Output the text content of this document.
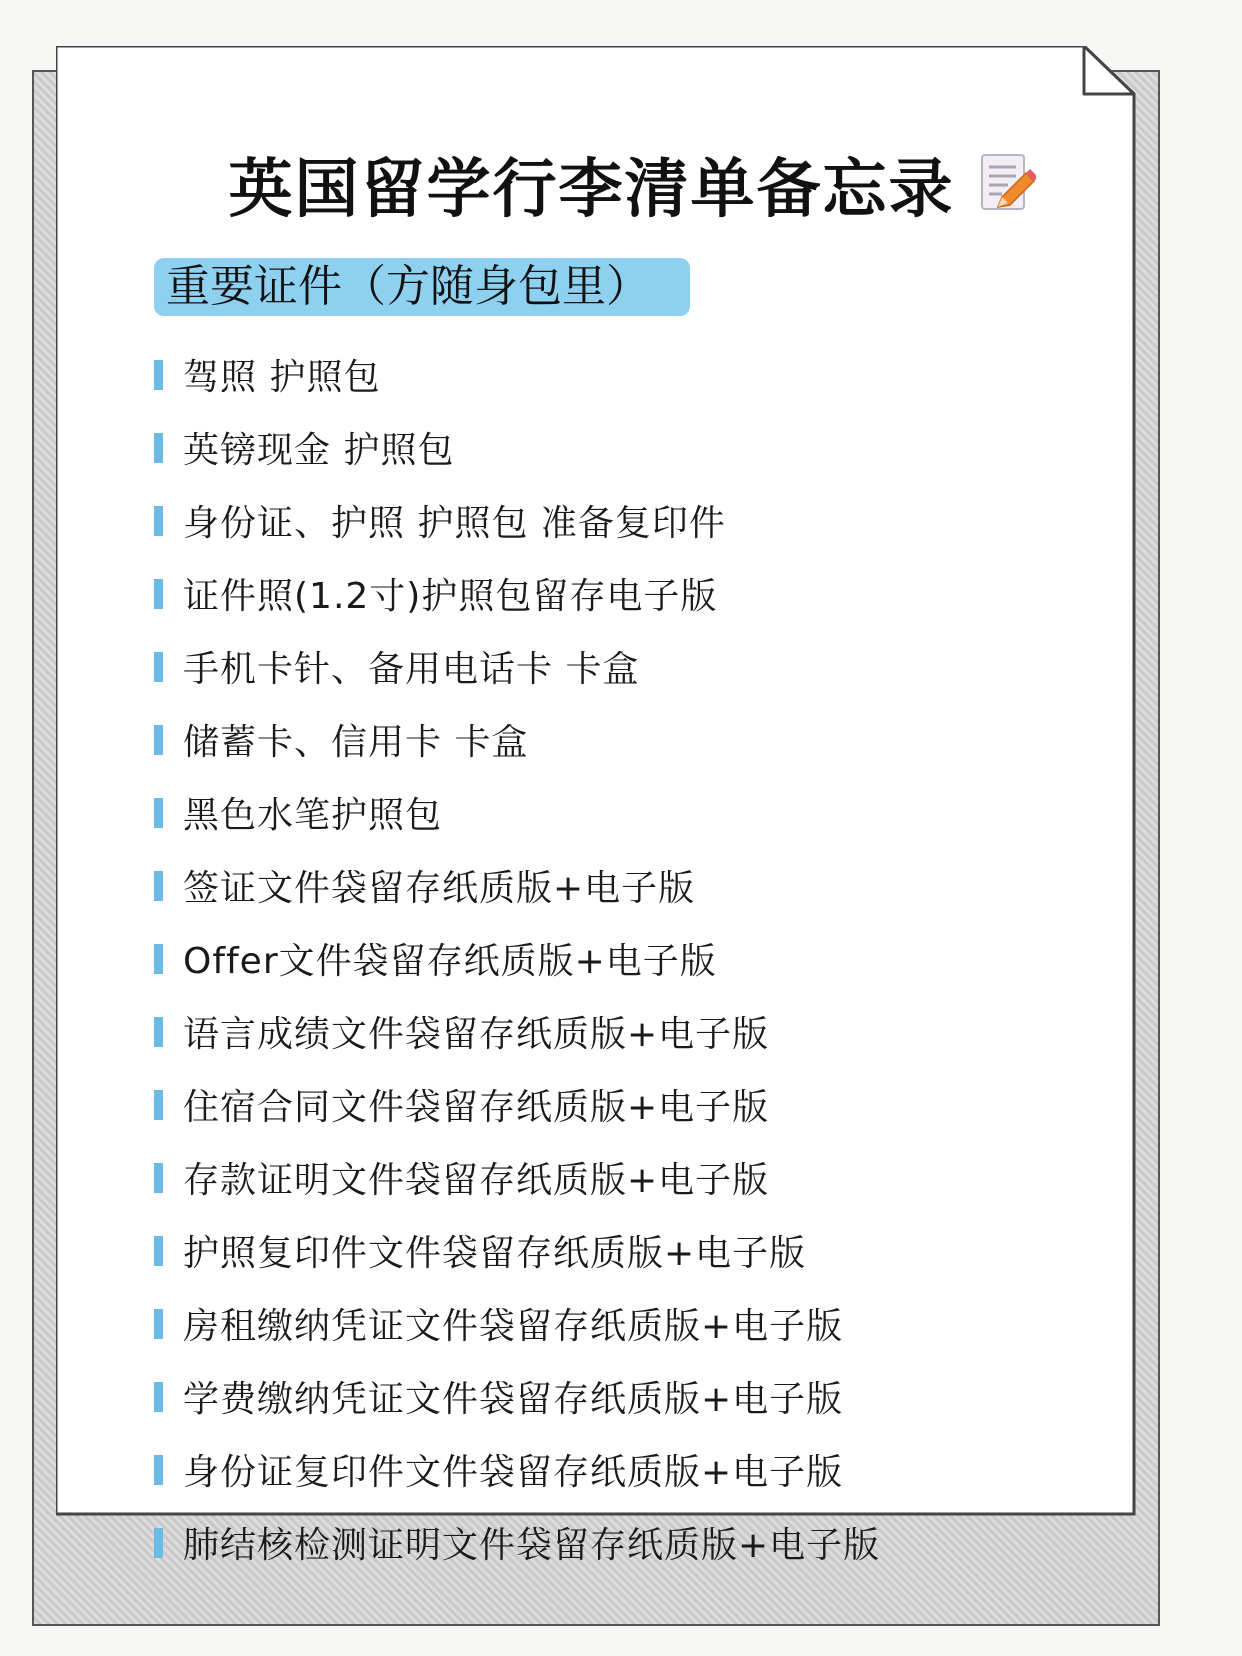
英国留学行李清单备忘录
重要证件（方随身包里）
驾照 护照包
英镑现金 护照包
身份证、护照 护照包 准备复印件
证件照(1.2寸)护照包留存电子版
手机卡针、备用电话卡 卡盒
储蓄卡、信用卡 卡盒
黑色水笔护照包
签证文件袋留存纸质版+电子版
Offer文件袋留存纸质版+电子版
语言成绩文件袋留存纸质版+电子版
住宿合同文件袋留存纸质版+电子版
存款证明文件袋留存纸质版+电子版
护照复印件文件袋留存纸质版+电子版
房租缴纳凭证文件袋留存纸质版+电子版
学费缴纳凭证文件袋留存纸质版+电子版
身份证复印件文件袋留存纸质版+电子版
肺结核检测证明文件袋留存纸质版+电子版
